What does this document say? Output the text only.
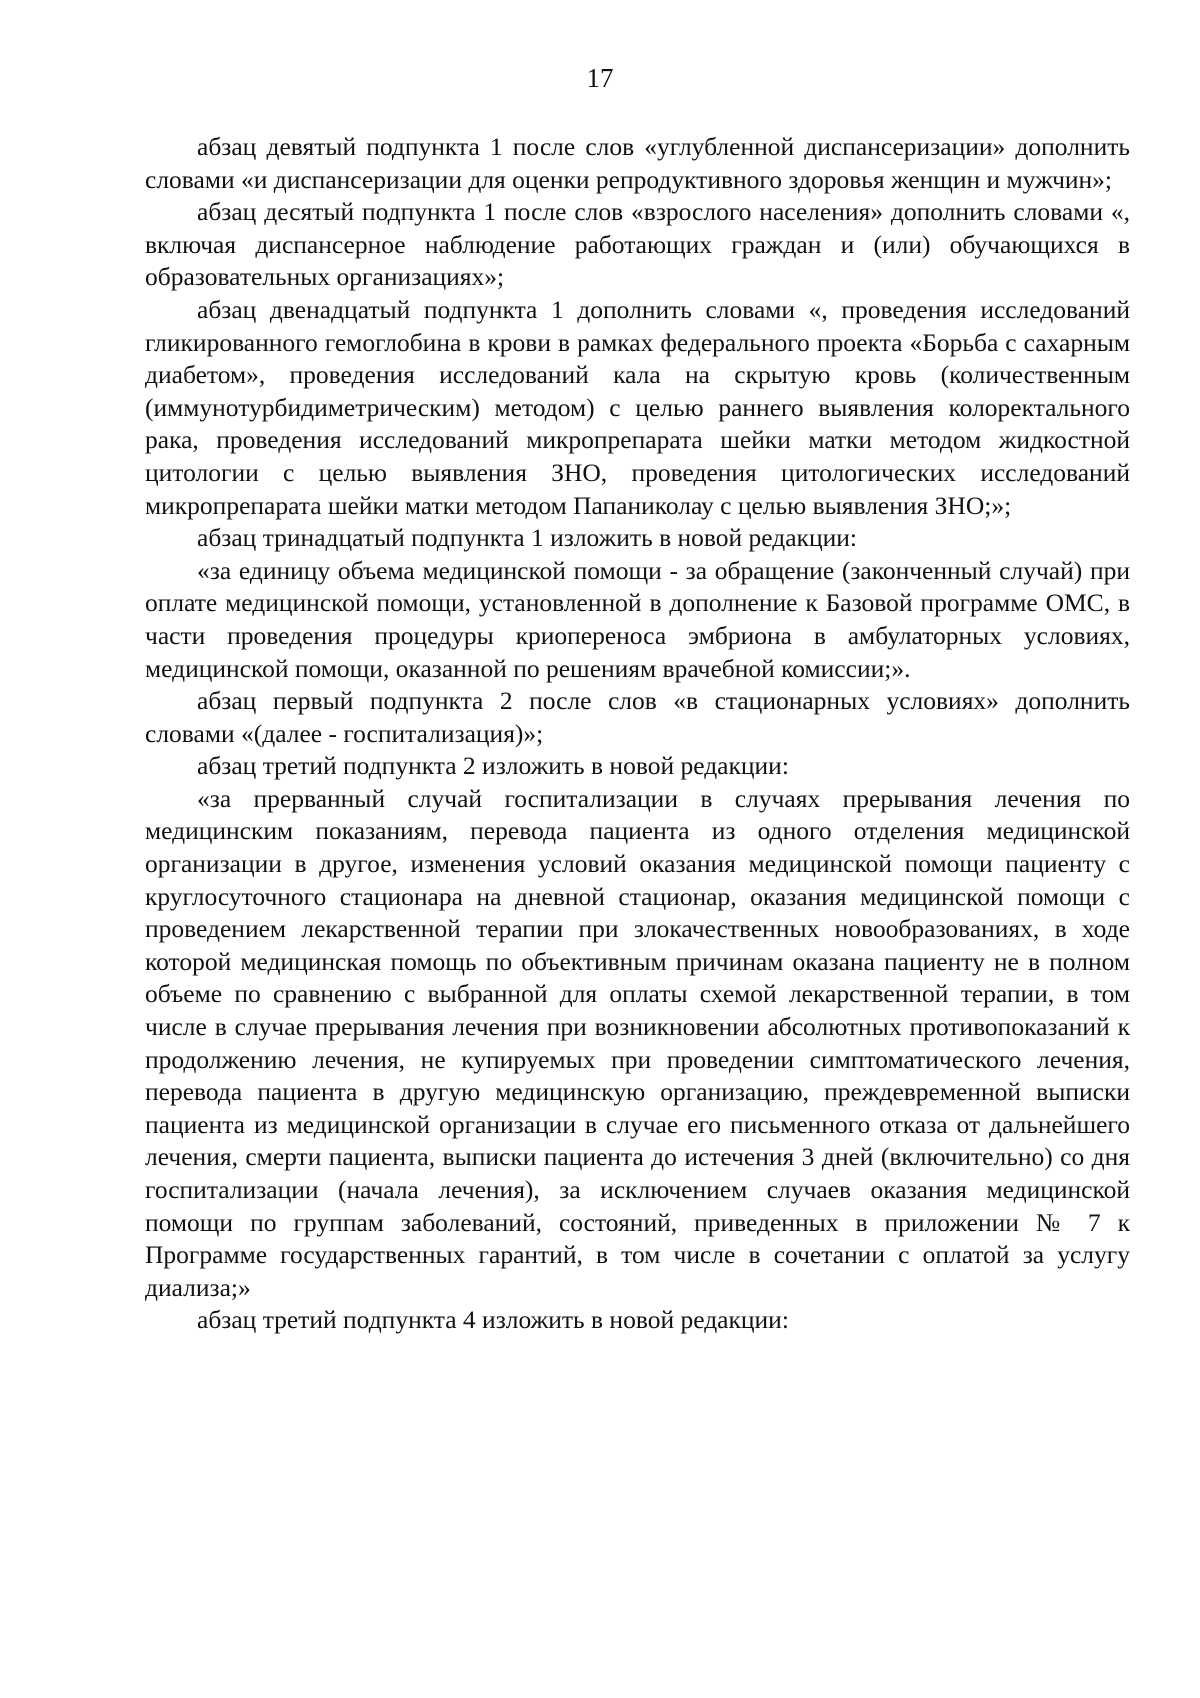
17

абзац девятый подпункта 1 после слов «углубленной диспансеризации» дополнить словами «и диспансеризации для оценки репродуктивного здоровья женщин и мужчин»;

абзац десятый подпункта 1 после слов «взрослого населения» дополнить словами «, включая диспансерное наблюдение работающих граждан и (или) обучающихся в образовательных организациях»;

абзац двенадцатый подпункта 1 дополнить словами «, проведения исследований гликированного гемоглобина в крови в рамках федерального проекта «Борьба с сахарным диабетом», проведения исследований кала на скрытую кровь (количественным (иммунотурбидиметрическим) методом) с целью раннего выявления колоректального рака, проведения исследований микропрепарата шейки матки методом жидкостной цитологии с целью выявления ЗНО, проведения цитологических исследований микропрепарата шейки матки методом Папаниколау с целью выявления ЗНО;»;

абзац тринадцатый подпункта 1 изложить в новой редакции:

«за единицу объема медицинской помощи - за обращение (законченный случай) при оплате медицинской помощи, установленной в дополнение к Базовой программе ОМС, в части проведения процедуры криопереноса эмбриона в амбулаторных условиях, медицинской помощи, оказанной по решениям врачебной комиссии;».

абзац первый подпункта 2 после слов «в стационарных условиях» дополнить словами «(далее - госпитализация)»;

абзац третий подпункта 2 изложить в новой редакции:

«за прерванный случай госпитализации в случаях прерывания лечения по медицинским показаниям, перевода пациента из одного отделения медицинской организации в другое, изменения условий оказания медицинской помощи пациенту с круглосуточного стационара на дневной стационар, оказания медицинской помощи с проведением лекарственной терапии при злокачественных новообразованиях, в ходе которой медицинская помощь по объективным причинам оказана пациенту не в полном объеме по сравнению с выбранной для оплаты схемой лекарственной терапии, в том числе в случае прерывания лечения при возникновении абсолютных противопоказаний к продолжению лечения, не купируемых при проведении симптоматического лечения, перевода пациента в другую медицинскую организацию, преждевременной выписки пациента из медицинской организации в случае его письменного отказа от дальнейшего лечения, смерти пациента, выписки пациента до истечения 3 дней (включительно) со дня госпитализации (начала лечения), за исключением случаев оказания медицинской помощи по группам заболеваний, состояний, приведенных в приложении № 7 к Программе государственных гарантий, в том числе в сочетании с оплатой за услугу диализа;»

абзац третий подпункта 4 изложить в новой редакции:
